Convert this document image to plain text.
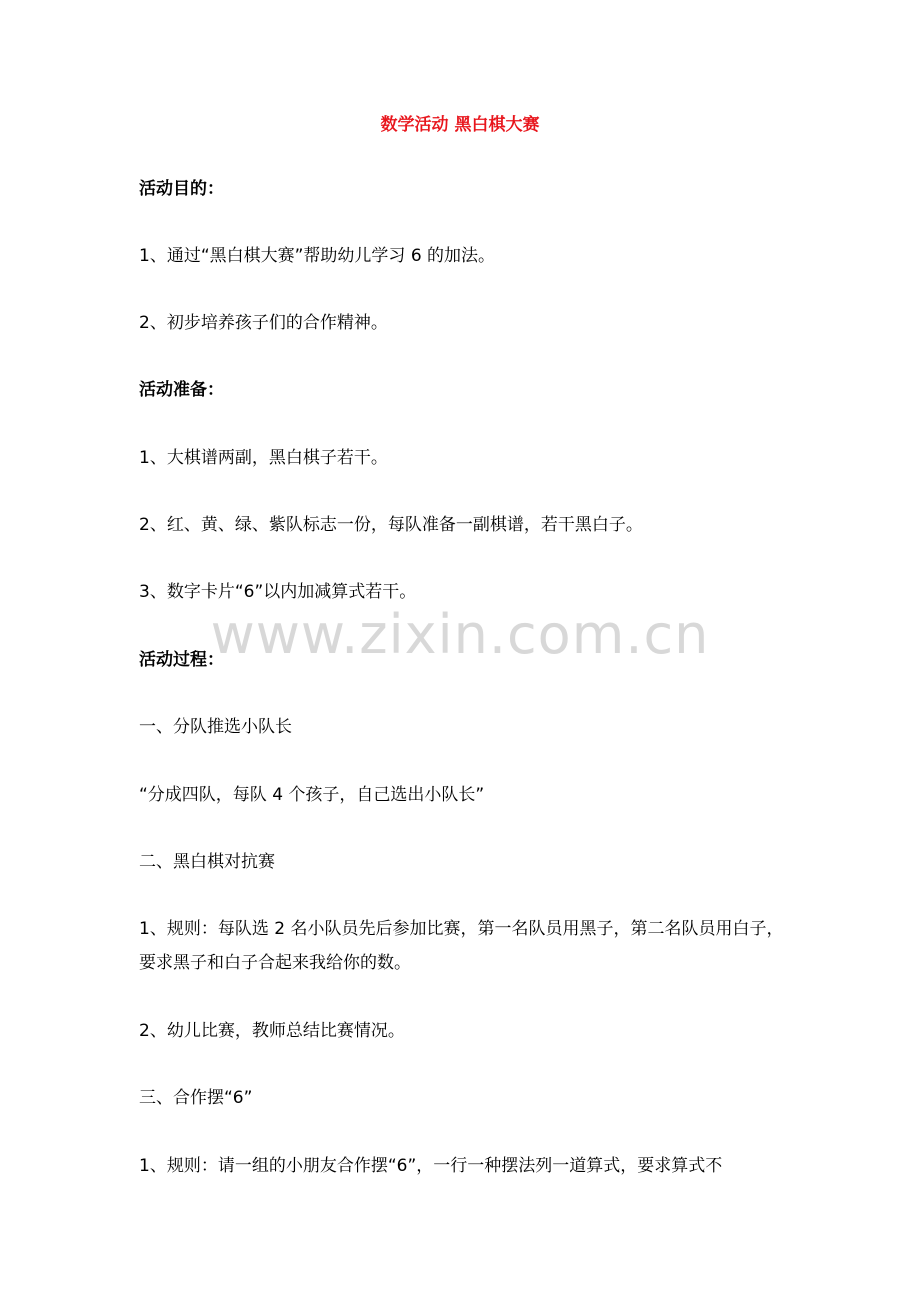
数学活动 黑白棋大赛
活动目的：
1、通过“黑白棋大赛”帮助幼儿学习 6 的加法。
2、初步培养孩子们的合作精神。
活动准备：
1、大棋谱两副，黑白棋子若干。
2、红、黄、绿、紫队标志一份，每队准备一副棋谱，若干黑白子。
3、数字卡片“6”以内加减算式若干。
活动过程：
一、分队推选小队长
“分成四队，每队 4 个孩子，自己选出小队长”
二、黑白棋对抗赛
1、规则：每队选 2 名小队员先后参加比赛，第一名队员用黑子，第二名队员用白子，要求黑子和白子合起来我给你的数。
2、幼儿比赛，教师总结比赛情况。
三、合作摆“6”
1、规则：请一组的小朋友合作摆“6”，一行一种摆法列一道算式，要求算式不
www.zixin.com.cn
